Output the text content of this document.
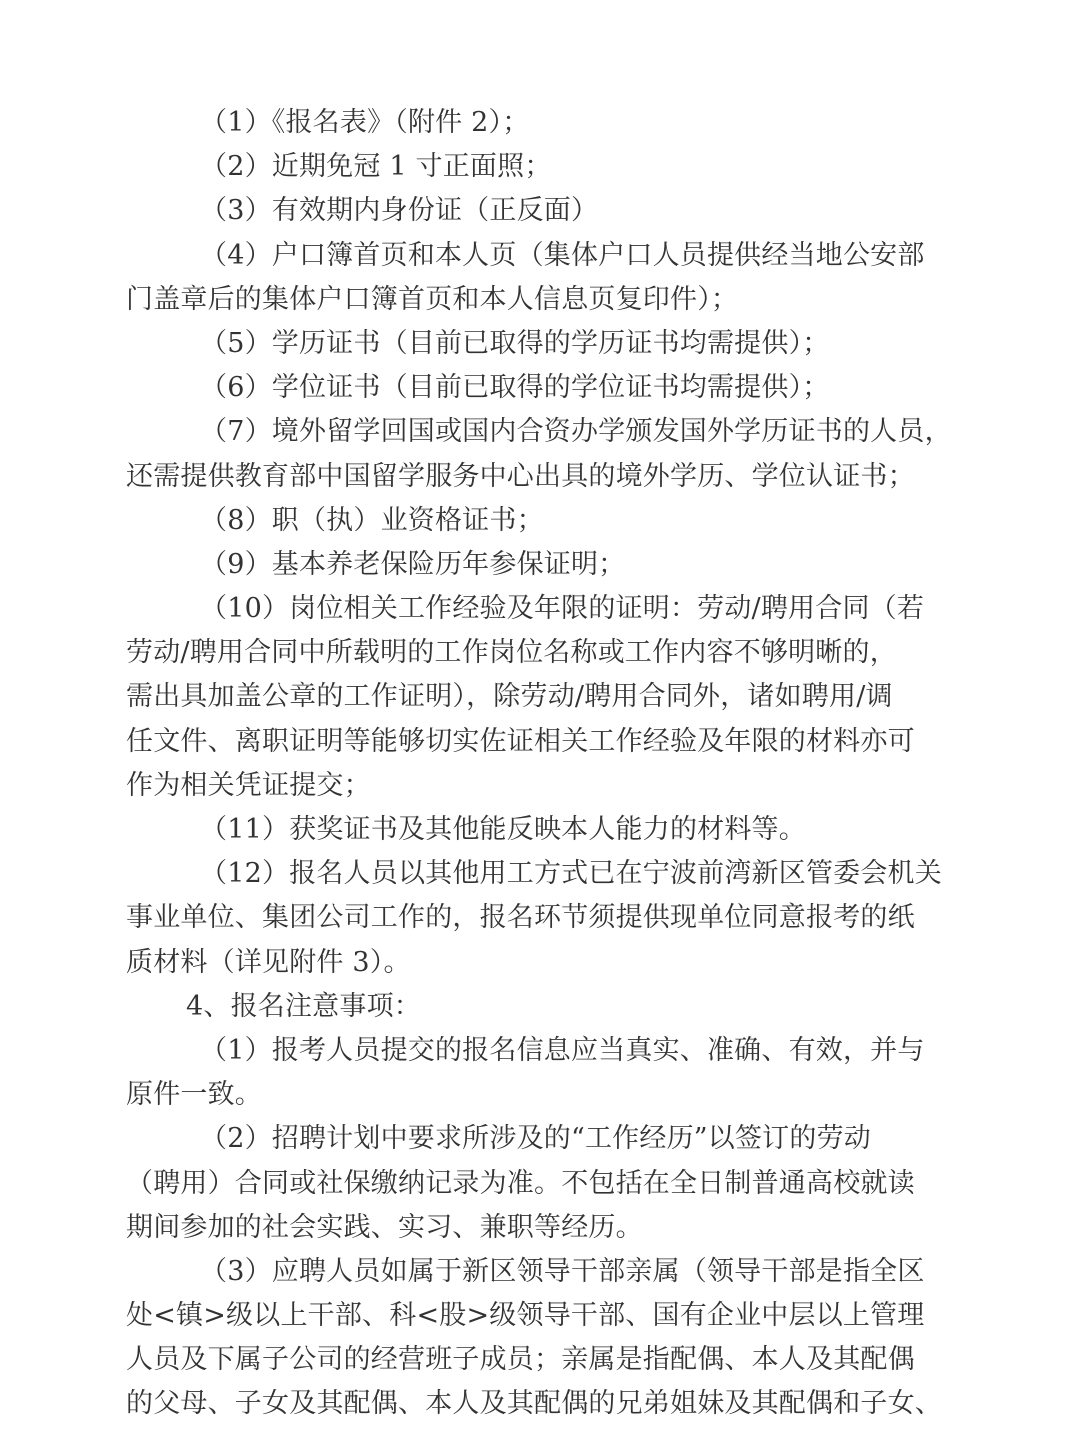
（1）《报名表》（附件 2）；
（2）近期免冠 1 寸正面照；
（3）有效期内身份证（正反面）
（4）户口簿首页和本人页（集体户口人员提供经当地公安部
门盖章后的集体户口簿首页和本人信息页复印件）；
（5）学历证书（目前已取得的学历证书均需提供）；
（6）学位证书（目前已取得的学位证书均需提供）；
（7）境外留学回国或国内合资办学颁发国外学历证书的人员，
还需提供教育部中国留学服务中心出具的境外学历、学位认证书；
（8）职（执）业资格证书；
（9）基本养老保险历年参保证明；
（10）岗位相关工作经验及年限的证明：劳动/聘用合同（若
劳动/聘用合同中所载明的工作岗位名称或工作内容不够明晰的，
需出具加盖公章的工作证明），除劳动/聘用合同外，诸如聘用/调
任文件、离职证明等能够切实佐证相关工作经验及年限的材料亦可
作为相关凭证提交；
（11）获奖证书及其他能反映本人能力的材料等。
（12）报名人员以其他用工方式已在宁波前湾新区管委会机关
事业单位、集团公司工作的，报名环节须提供现单位同意报考的纸
质材料（详见附件 3）。
4、报名注意事项：
（1）报考人员提交的报名信息应当真实、准确、有效，并与
原件一致。
（2）招聘计划中要求所涉及的“工作经历”以签订的劳动
（聘用）合同或社保缴纳记录为准。不包括在全日制普通高校就读
期间参加的社会实践、实习、兼职等经历。
（3）应聘人员如属于新区领导干部亲属（领导干部是指全区
处<镇>级以上干部、科<股>级领导干部、国有企业中层以上管理
人员及下属子公司的经营班子成员；亲属是指配偶、本人及其配偶
的父母、子女及其配偶、本人及其配偶的兄弟姐妹及其配偶和子女、
